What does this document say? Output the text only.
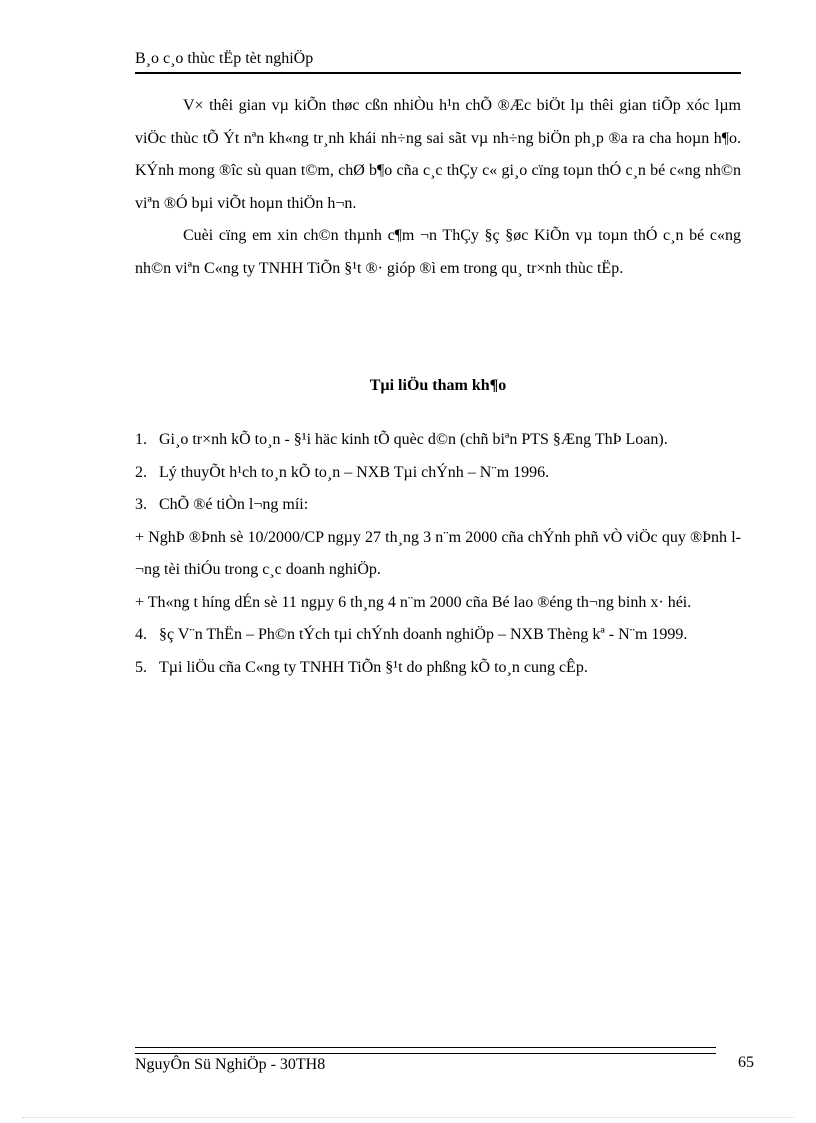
B¸o c¸o thùc tËp tèt nghiÖp

V× thêi gian vµ kiÕn thøc cßn nhiÒu h¹n chÕ ®Æc biÖt lµ thêi gian tiÕp xóc lµm viÖc thùc tÕ Ýt nªn kh«ng tr¸nh khái nh÷ng sai sãt vµ nh÷ng biÖn ph¸p ®a ra cha hoµn h¶o. KÝnh mong ®îc sù quan t©m, chØ b¶o cña c¸c thÇy c« gi¸o cïng toµn thÓ c¸n bé c«ng nh©n viªn ®Ó bµi viÕt hoµn thiÖn h¬n.

Cuèi cïng em xin ch©n thµnh c¶m ¬n ThÇy §ç §øc KiÕn vµ toµn thÓ c¸n bé c«ng nh©n viªn C«ng ty TNHH TiÕn §¹t ®· gióp ®ì em trong qu¸ tr×nh thùc tËp.

Tµi liÖu tham kh¶o
1. Gi¸o tr×nh kÕ to¸n - §¹i häc kinh tÕ quèc d©n (chñ biªn PTS §Æng ThÞ Loan).
2. Lý thuyÕt h¹ch to¸n kÕ to¸n – NXB Tµi chÝnh – N¨m 1996.
3. ChÕ ®é tiÒn l¬ng míi:
+ NghÞ ®Þnh sè 10/2000/CP ngµy 27 th¸ng 3 n¨m 2000 cña chÝnh phñ vÒ viÖc quy ®Þnh l¬ng tèi thiÓu trong c¸c doanh nghiÖp.
+ Th«ng t híng dÉn sè 11 ngµy 6 th¸ng 4 n¨m 2000 cña Bé lao ®éng th¬ng binh x· héi.
4. §ç V¨n ThËn – Ph©n tÝch tµi chÝnh doanh nghiÖp – NXB Thèng kª - N¨m 1999.
5. Tµi liÖu cña C«ng ty TNHH TiÕn §¹t do phßng kÕ to¸n cung cÊp.
NguyÔn Sü NghiÖp - 30TH8	65
